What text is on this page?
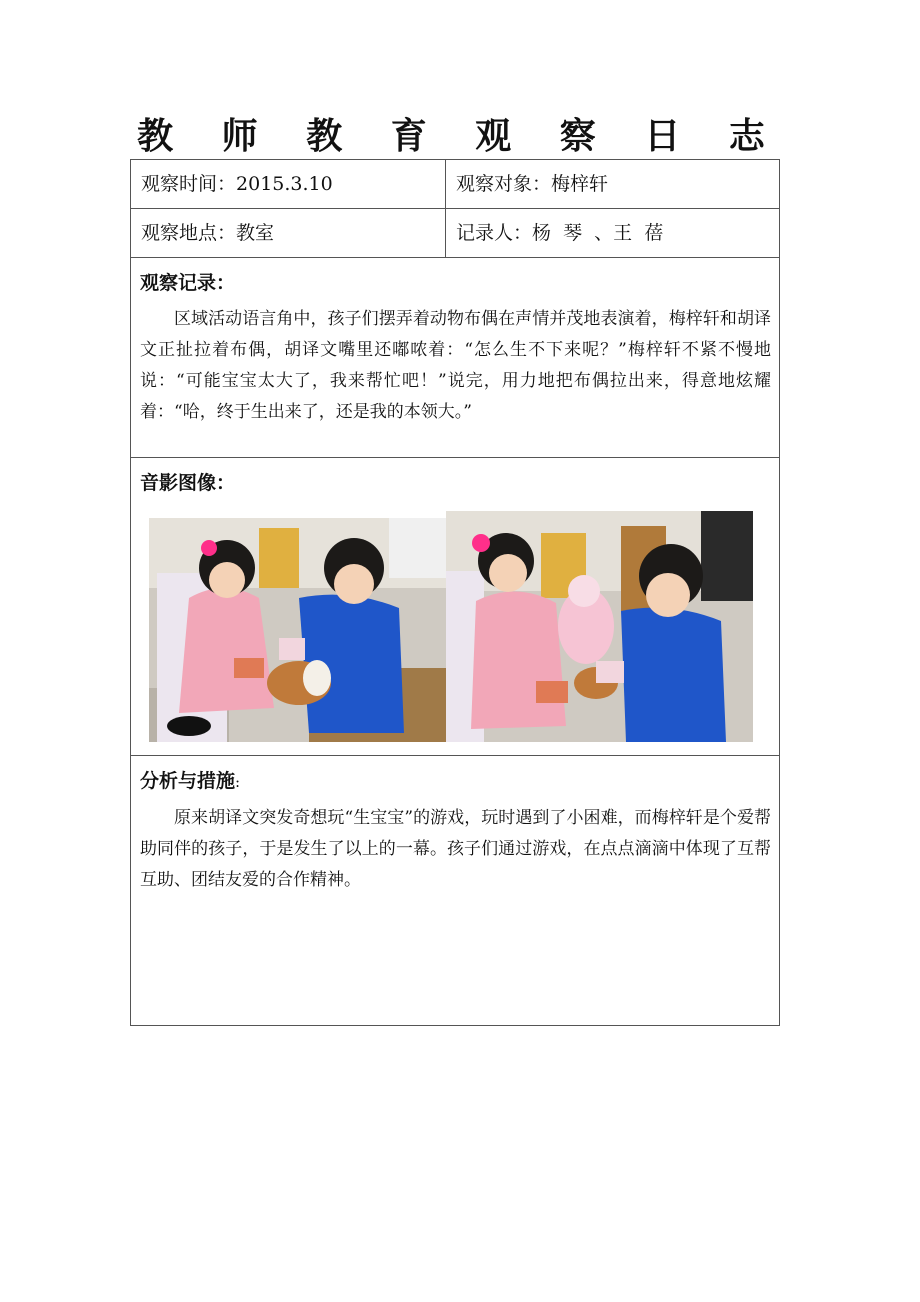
教 师 教 育 观 察 日 志
观察时间：2015.3.10	观察对象：梅梓轩
观察地点：教室	记录人：杨  琴  、王  蓓

观察记录：

区域活动语言角中，孩子们摆弄着动物布偶在声情并茂地表演着，梅梓轩和胡译文正扯拉着布偶，胡译文嘴里还嘟哝着：“怎么生不下来呢？”梅梓轩不紧不慢地说：“可能宝宝太大了，我来帮忙吧！”说完，用力地把布偶拉出来，得意地炫耀着：“哈，终于生出来了，还是我的本领大。”	

音影图像：	

分析与措施:

原来胡译文突发奇想玩“生宝宝”的游戏，玩时遇到了小困难，而梅梓轩是个爱帮助同伴的孩子，于是发生了以上的一幕。孩子们通过游戏，在点点滴滴中体现了互帮互助、团结友爱的合作精神。	
